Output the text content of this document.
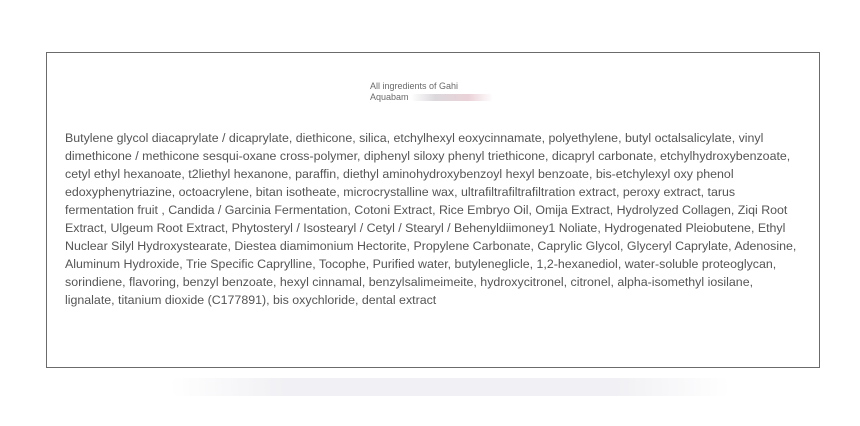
All ingredients of Gahi
Aquabam

Butylene glycol diacaprylate / dicaprylate, diethicone, silica, etchylhexyl eoxycinnamate, polyethylene, butyl octalsalicylate, vinyl dimethicone / methicone sesqui-oxane cross-polymer, diphenyl siloxy phenyl triethicone, dicapryl carbonate, etchylhydroxybenzoate, cetyl ethyl hexanoate, t2liethyl hexanone, paraffin, diethyl aminohydroxybenzoyl hexyl benzoate, bis-etchylexyl oxy phenol edoxyphenytriazine, octoacrylene, bitan isotheate, microcrystalline wax, ultrafiltrafiltrafiltration extract, peroxy extract, tarus fermentation fruit , Candida / Garcinia Fermentation, Cotoni Extract, Rice Embryo Oil, Omija Extract, Hydrolyzed Collagen, Ziqi Root Extract, Ulgeum Root Extract, Phytosteryl / Isostearyl / Cetyl / Stearyl / Behenyldiimoney1 Noliate, Hydrogenated Pleiobutene, Ethyl Nuclear Silyl Hydroxystearate, Diestea diamimonium Hectorite, Propylene Carbonate, Caprylic Glycol, Glyceryl Caprylate, Adenosine, Aluminum Hydroxide, Trie Specific Caprylline, Tocophe, Purified water, butyleneglicle, 1,2-hexanediol, water-soluble proteoglycan, sorindiene, flavoring, benzyl benzoate, hexyl cinnamal, benzylsalimeimeite, hydroxycitronel, citronel, alpha-isomethyl iosilane, lignalate, titanium dioxide (C177891), bis oxychloride, dental extract
